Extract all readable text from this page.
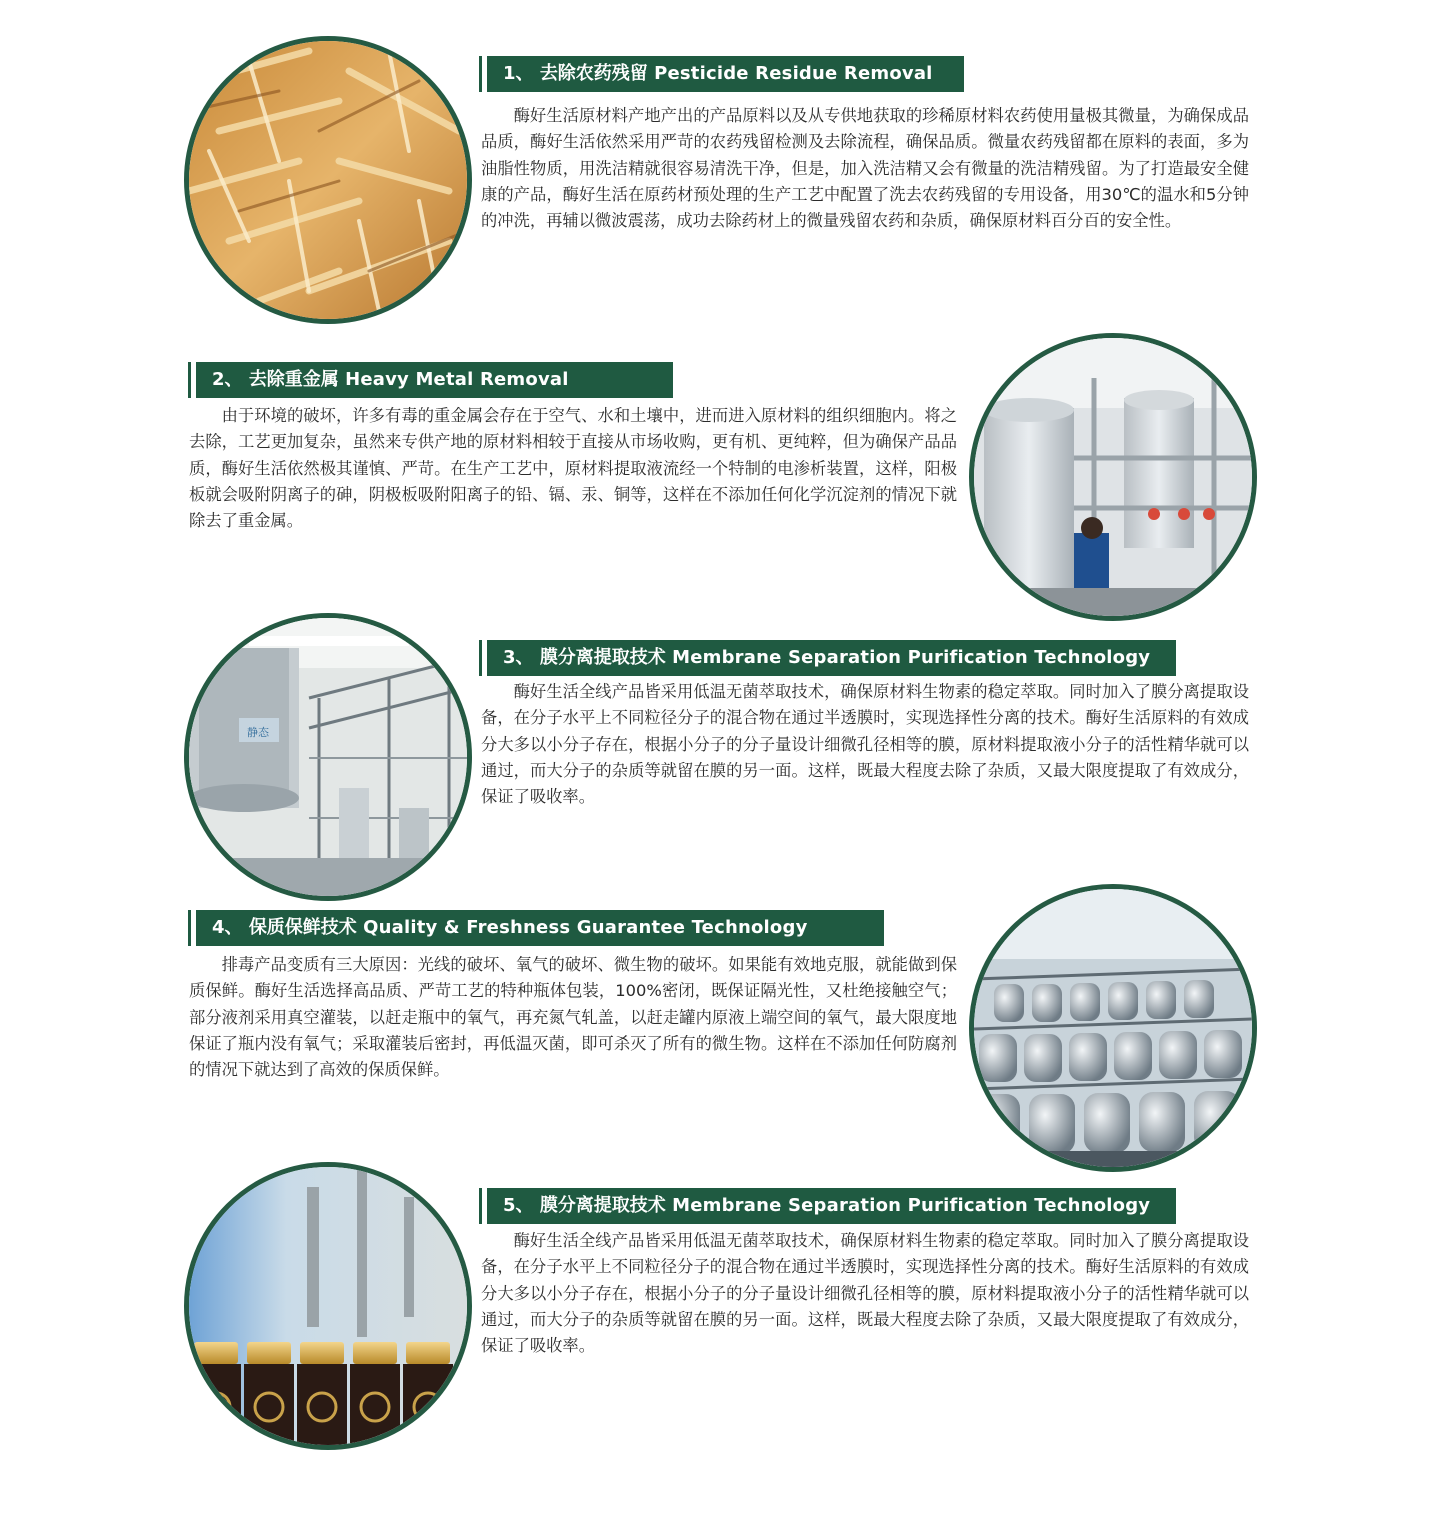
1、 去除农药残留 Pesticide Residue Removal

酶好生活原材料产地产出的产品原料以及从专供地获取的珍稀原材料农药使用量极其微量，为确保成品品质，酶好生活依然采用严苛的农药残留检测及去除流程，确保品质。微量农药残留都在原料的表面，多为油脂性物质，用洗洁精就很容易清洗干净，但是，加入洗洁精又会有微量的洗洁精残留。为了打造最安全健康的产品，酶好生活在原药材预处理的生产工艺中配置了洗去农药残留的专用设备，用30℃的温水和5分钟的冲洗，再辅以微波震荡，成功去除药材上的微量残留农药和杂质，确保原材料百分百的安全性。

2、 去除重金属 Heavy Metal Removal

由于环境的破坏，许多有毒的重金属会存在于空气、水和土壤中，进而进入原材料的组织细胞内。将之去除，工艺更加复杂，虽然来专供产地的原材料相较于直接从市场收购，更有机、更纯粹，但为确保产品品质，酶好生活依然极其谨慎、严苛。在生产工艺中，原材料提取液流经一个特制的电渗析装置，这样，阳极板就会吸附阴离子的砷，阴极板吸附阳离子的铅、镉、汞、铜等，这样在不添加任何化学沉淀剂的情况下就除去了重金属。

静态
3、 膜分离提取技术 Membrane Separation Purification Technology

酶好生活全线产品皆采用低温无菌萃取技术，确保原材料生物素的稳定萃取。同时加入了膜分离提取设备，在分子水平上不同粒径分子的混合物在通过半透膜时，实现选择性分离的技术。酶好生活原料的有效成分大多以小分子存在，根据小分子的分子量设计细微孔径相等的膜，原材料提取液小分子的活性精华就可以通过，而大分子的杂质等就留在膜的另一面。这样，既最大程度去除了杂质，又最大限度提取了有效成分，保证了吸收率。

4、 保质保鲜技术 Quality & Freshness Guarantee Technology

排毒产品变质有三大原因：光线的破坏、氧气的破坏、微生物的破坏。如果能有效地克服，就能做到保质保鲜。酶好生活选择高品质、严苛工艺的特种瓶体包装，100%密闭，既保证隔光性，又杜绝接触空气；部分液剂采用真空灌装，以赶走瓶中的氧气，再充氮气轧盖，以赶走罐内原液上端空间的氧气，最大限度地保证了瓶内没有氧气；采取灌装后密封，再低温灭菌，即可杀灭了所有的微生物。这样在不添加任何防腐剂的情况下就达到了高效的保质保鲜。

5、 膜分离提取技术 Membrane Separation Purification Technology

酶好生活全线产品皆采用低温无菌萃取技术，确保原材料生物素的稳定萃取。同时加入了膜分离提取设备，在分子水平上不同粒径分子的混合物在通过半透膜时，实现选择性分离的技术。酶好生活原料的有效成分大多以小分子存在，根据小分子的分子量设计细微孔径相等的膜，原材料提取液小分子的活性精华就可以通过，而大分子的杂质等就留在膜的另一面。这样，既最大程度去除了杂质，又最大限度提取了有效成分，保证了吸收率。
